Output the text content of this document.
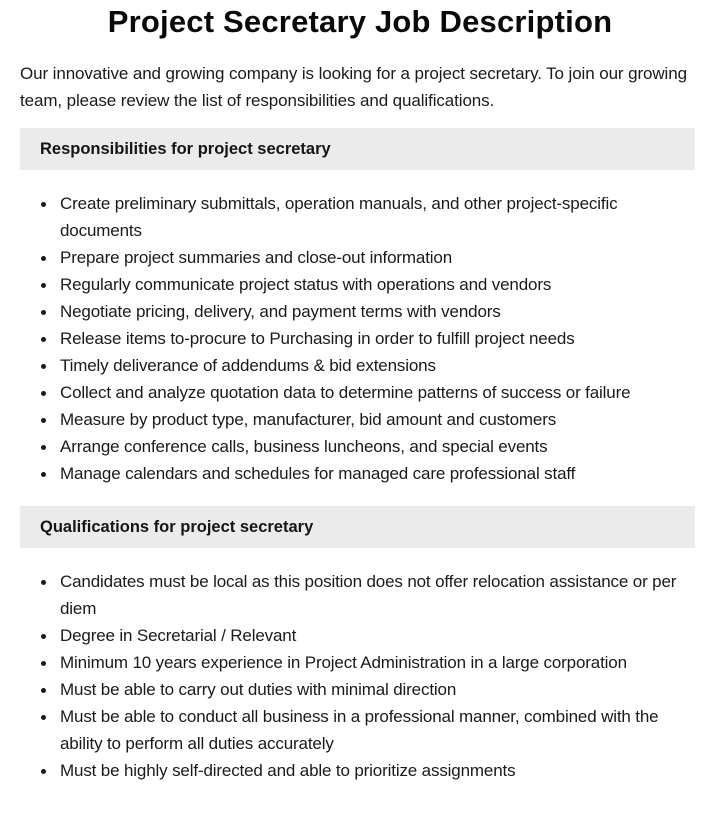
Project Secretary Job Description

Our innovative and growing company is looking for a project secretary. To join our growing team, please review the list of responsibilities and qualifications.

Responsibilities for project secretary
Create preliminary submittals, operation manuals, and other project-specific documents
Prepare project summaries and close-out information
Regularly communicate project status with operations and vendors
Negotiate pricing, delivery, and payment terms with vendors
Release items to-procure to Purchasing in order to fulfill project needs
Timely deliverance of addendums & bid extensions
Collect and analyze quotation data to determine patterns of success or failure
Measure by product type, manufacturer, bid amount and customers
Arrange conference calls, business luncheons, and special events
Manage calendars and schedules for managed care professional staff
Qualifications for project secretary
Candidates must be local as this position does not offer relocation assistance or per diem
Degree in Secretarial / Relevant
Minimum 10 years experience in Project Administration in a large corporation
Must be able to carry out duties with minimal direction
Must be able to conduct all business in a professional manner, combined with the ability to perform all duties accurately
Must be highly self-directed and able to prioritize assignments
